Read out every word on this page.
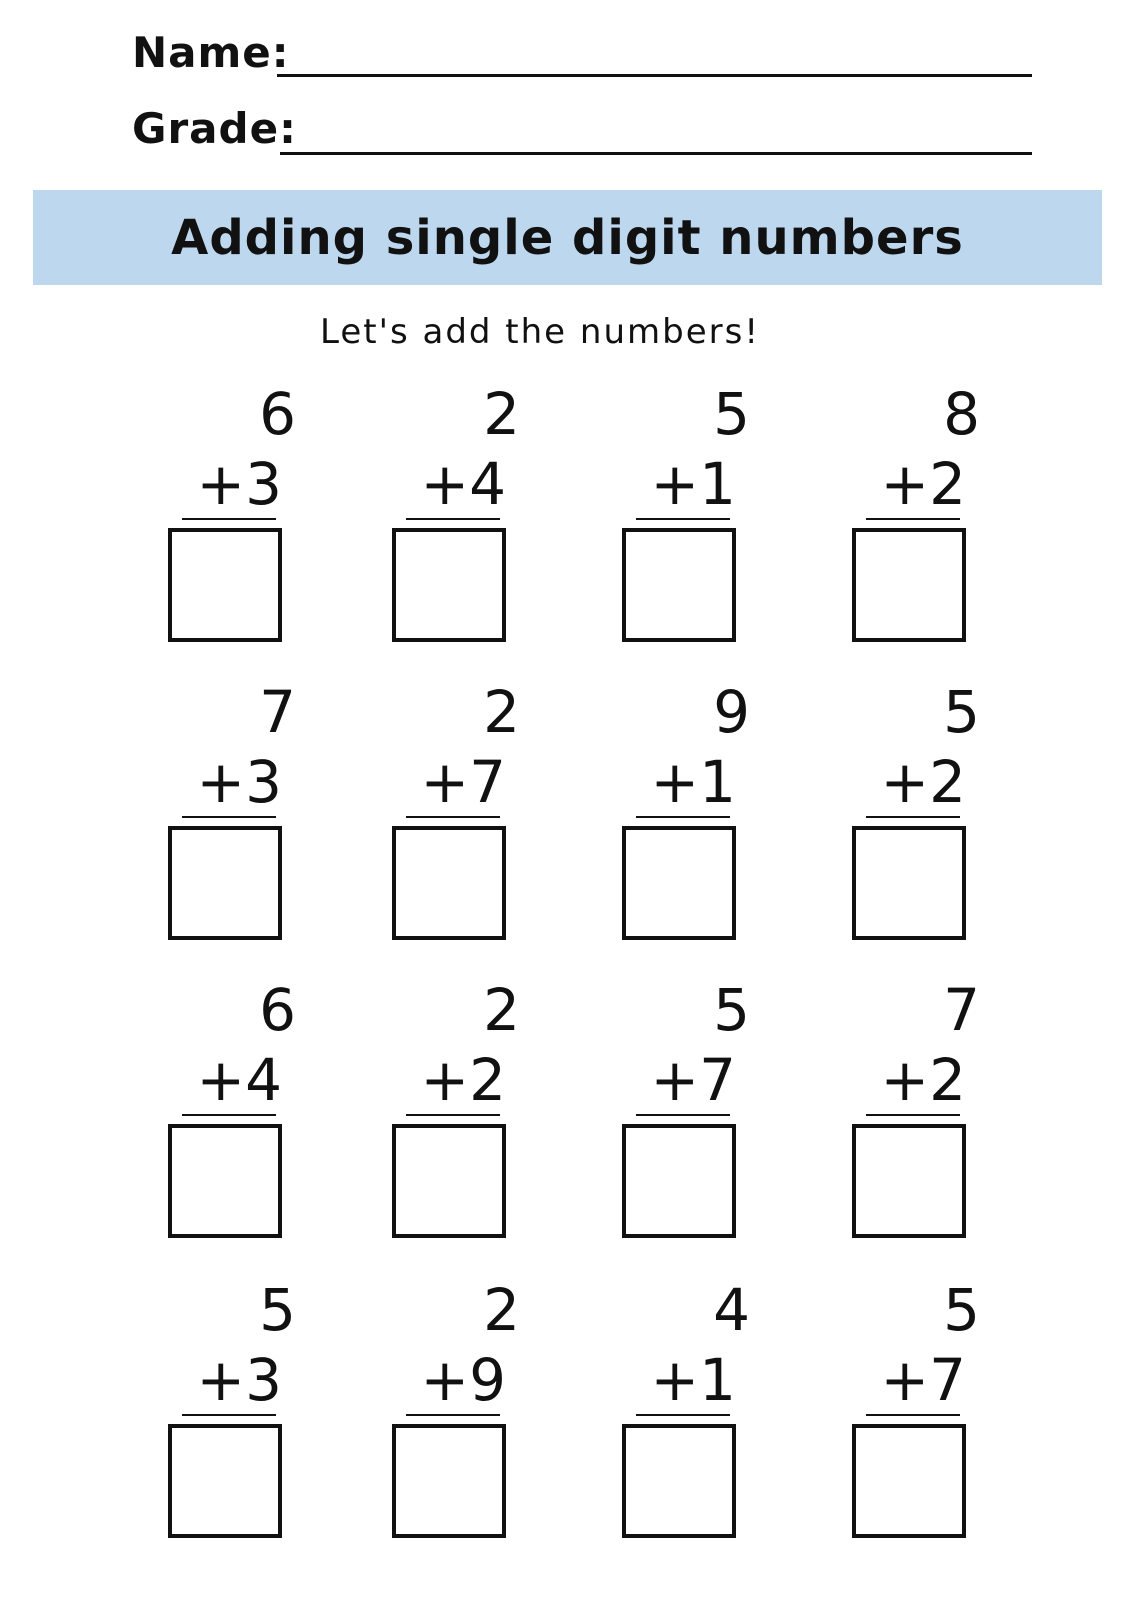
Name:
Grade:
Adding single digit numbers
Let's add the numbers!
6
+3
2
+4
5
+1
8
+2
7
+3
2
+7
9
+1
5
+2
6
+4
2
+2
5
+7
7
+2
5
+3
2
+9
4
+1
5
+7
